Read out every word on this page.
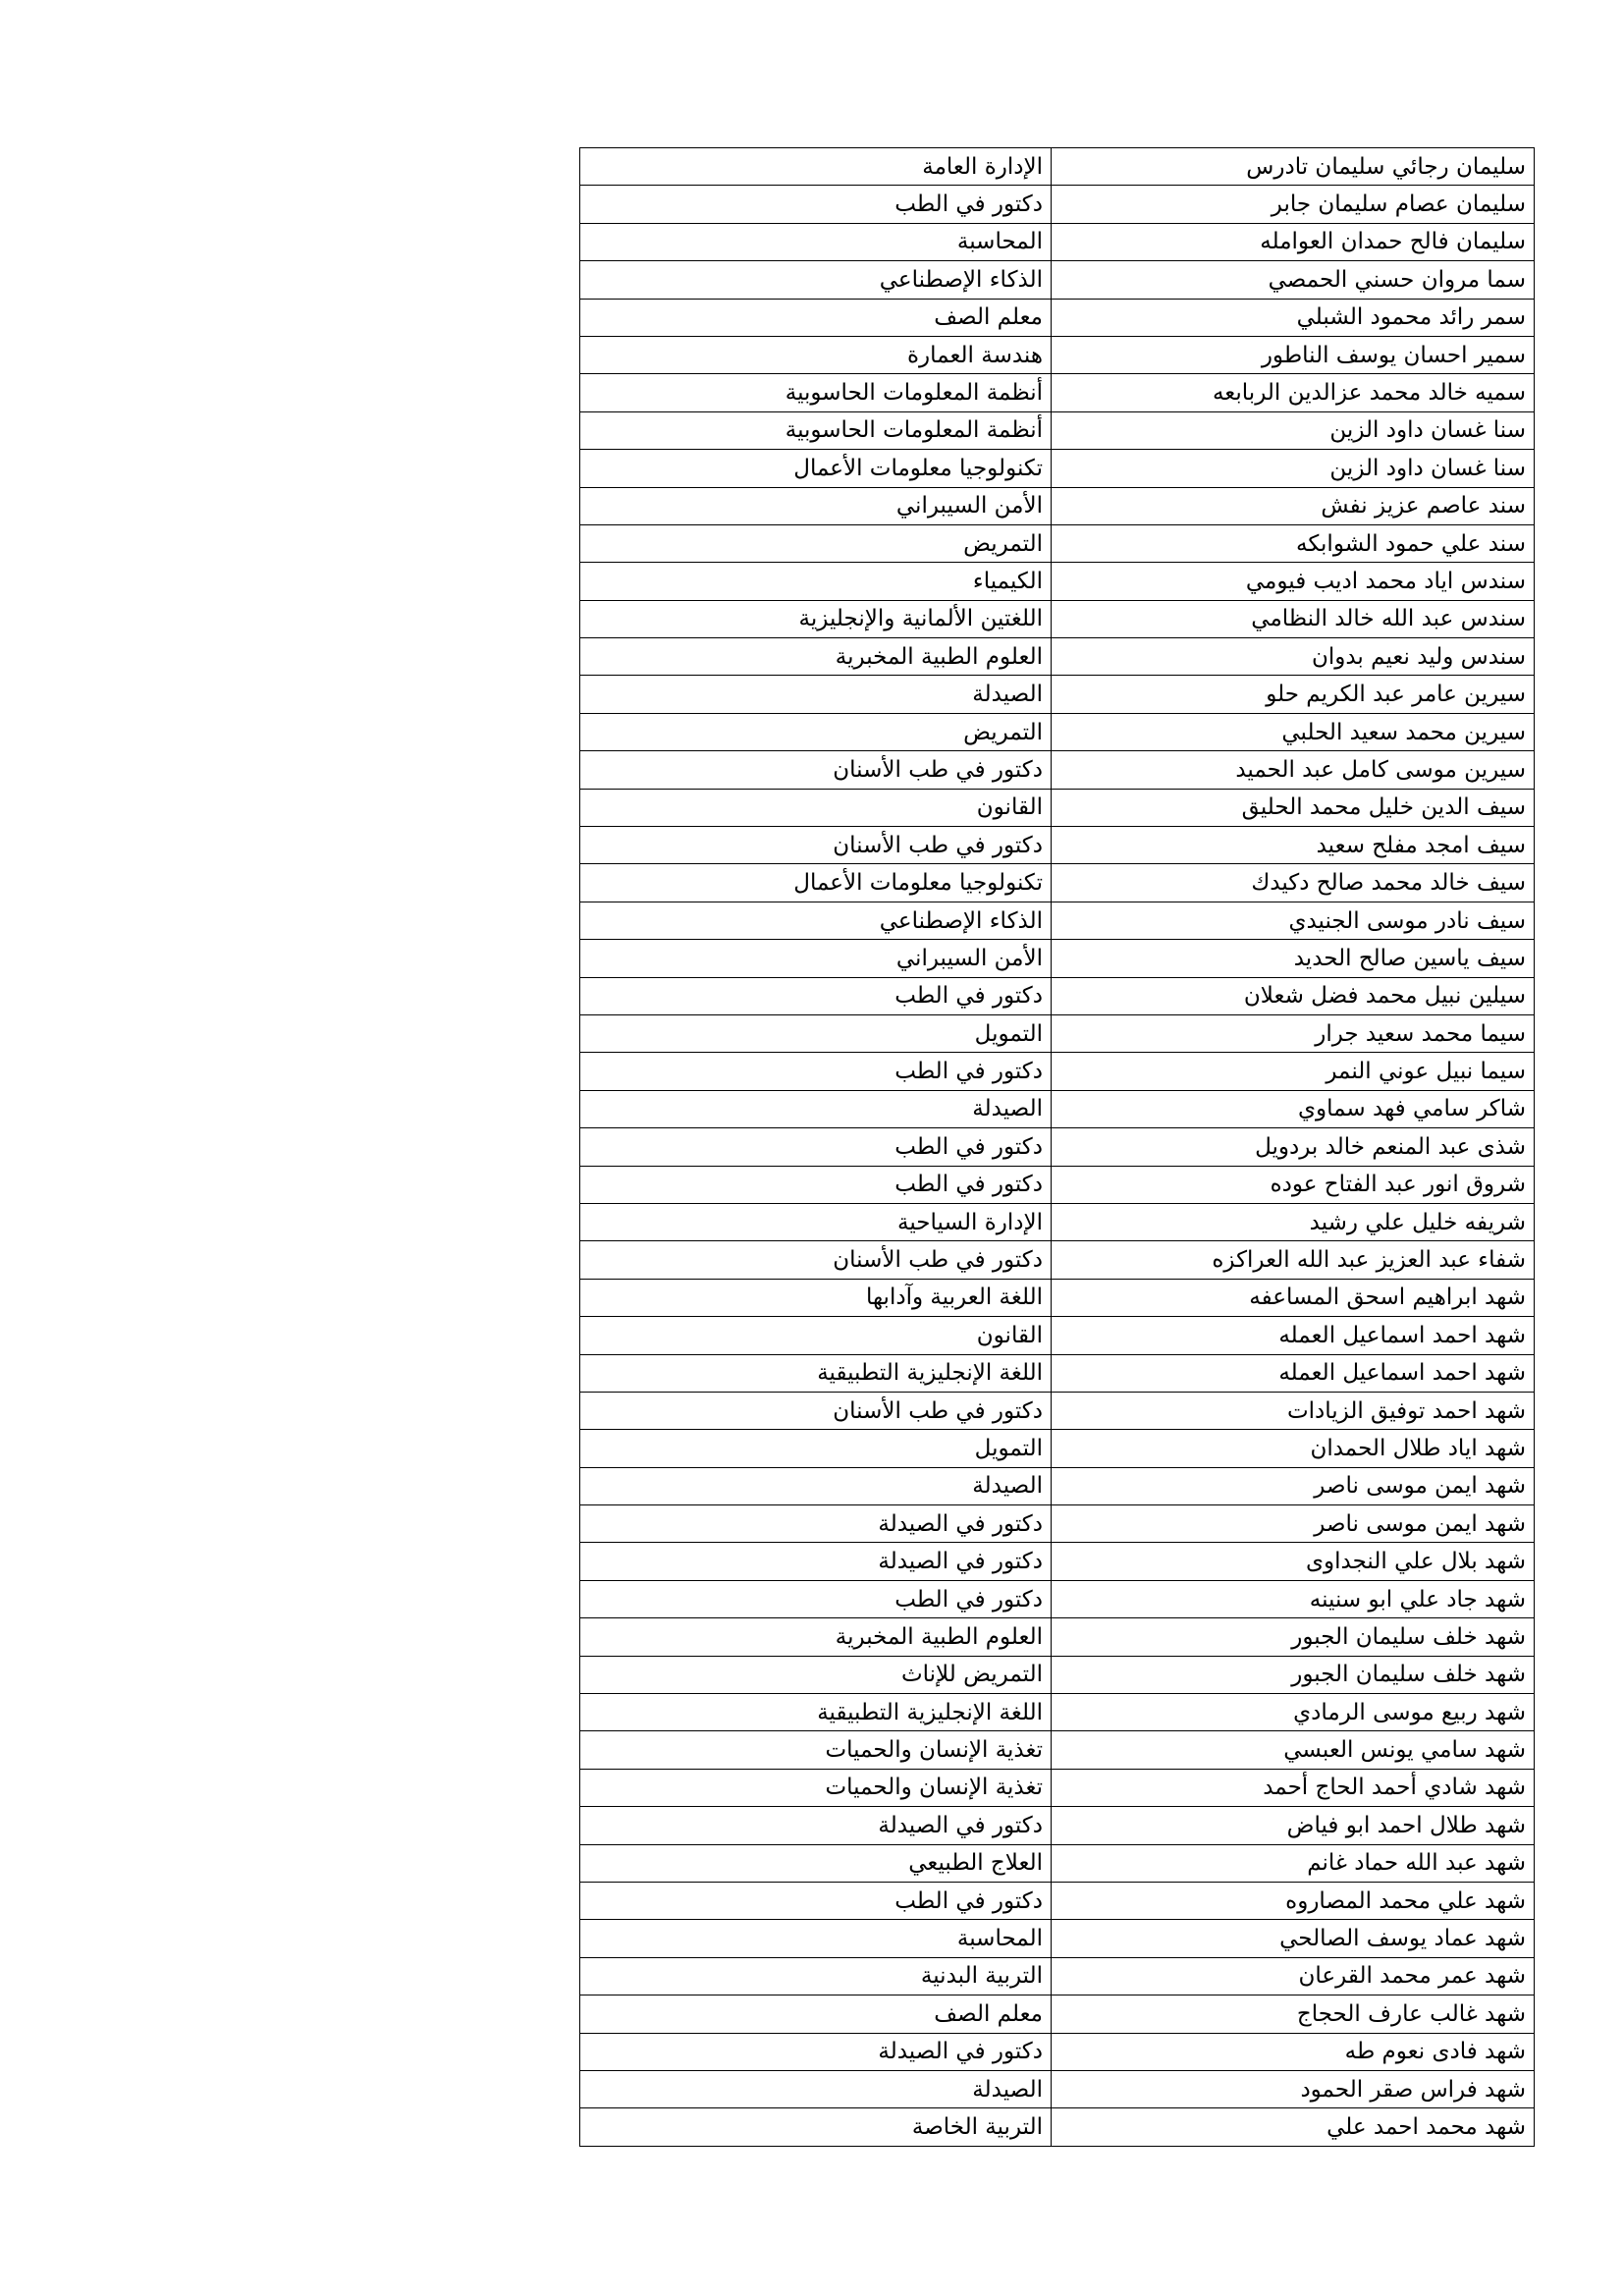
سليمان رجائي سليمان تادرس	الإدارة العامة
سليمان عصام سليمان جابر	دكتور في الطب
سليمان فالح حمدان العوامله	المحاسبة
سما مروان حسني الحمصي	الذكاء الإصطناعي
سمر رائد محمود الشبلي	معلم الصف
سمير احسان يوسف الناطور	هندسة العمارة
سميه خالد محمد عزالدين الربابعه	أنظمة المعلومات الحاسوبية
سنا غسان داود الزين	أنظمة المعلومات الحاسوبية
سنا غسان داود الزين	تكنولوجيا معلومات الأعمال
سند عاصم عزيز نفش	الأمن السيبراني
سند علي حمود الشوابكه	التمريض
سندس اياد محمد اديب فيومي	الكيمياء
سندس عبد الله خالد النظامي	اللغتين الألمانية والإنجليزية
سندس وليد نعيم بدوان	العلوم الطبية المخبرية
سيرين عامر عبد الكريم حلو	الصيدلة
سيرين محمد سعيد الحلبي	التمريض
سيرين موسى كامل عبد الحميد	دكتور في طب الأسنان
سيف الدين خليل محمد الحليق	القانون
سيف امجد مفلح سعيد	دكتور في طب الأسنان
سيف خالد محمد صالح دكيدك	تكنولوجيا معلومات الأعمال
سيف نادر موسى الجنيدي	الذكاء الإصطناعي
سيف ياسين صالح الحديد	الأمن السيبراني
سيلين نبيل محمد فضل شعلان	دكتور في الطب
سيما محمد سعيد جرار	التمويل
سيما نبيل عوني النمر	دكتور في الطب
شاكر سامي فهد سماوي	الصيدلة
شذى عبد المنعم خالد بردويل	دكتور في الطب
شروق انور عبد الفتاح عوده	دكتور في الطب
شريفه خليل علي رشيد	الإدارة السياحية
شفاء عبد العزيز عبد الله العراكزه	دكتور في طب الأسنان
شهد ابراهيم اسحق المساعفه	اللغة العربية وآدابها
شهد احمد اسماعيل العمله	القانون
شهد احمد اسماعيل العمله	اللغة الإنجليزية التطبيقية
شهد احمد توفيق الزيادات	دكتور في طب الأسنان
شهد اياد طلال الحمدان	التمويل
شهد ايمن موسى ناصر	الصيدلة
شهد ايمن موسى ناصر	دكتور في الصيدلة
شهد بلال علي النجداوى	دكتور في الصيدلة
شهد جاد علي ابو سنينه	دكتور في الطب
شهد خلف سليمان الجبور	العلوم الطبية المخبرية
شهد خلف سليمان الجبور	التمريض للإناث
شهد ربيع موسى الرمادي	اللغة الإنجليزية التطبيقية
شهد سامي يونس العبسي	تغذية الإنسان والحميات
شهد شادي أحمد الحاج أحمد	تغذية الإنسان والحميات
شهد طلال احمد ابو فياض	دكتور في الصيدلة
شهد عبد الله حماد غانم	العلاج الطبيعي
شهد علي محمد المصاروه	دكتور في الطب
شهد عماد يوسف الصالحي	المحاسبة
شهد عمر محمد القرعان	التربية البدنية
شهد غالب عارف الحجاج	معلم الصف
شهد فادى نعوم طه	دكتور في الصيدلة
شهد فراس صقر الحمود	الصيدلة
شهد محمد احمد علي	التربية الخاصة
